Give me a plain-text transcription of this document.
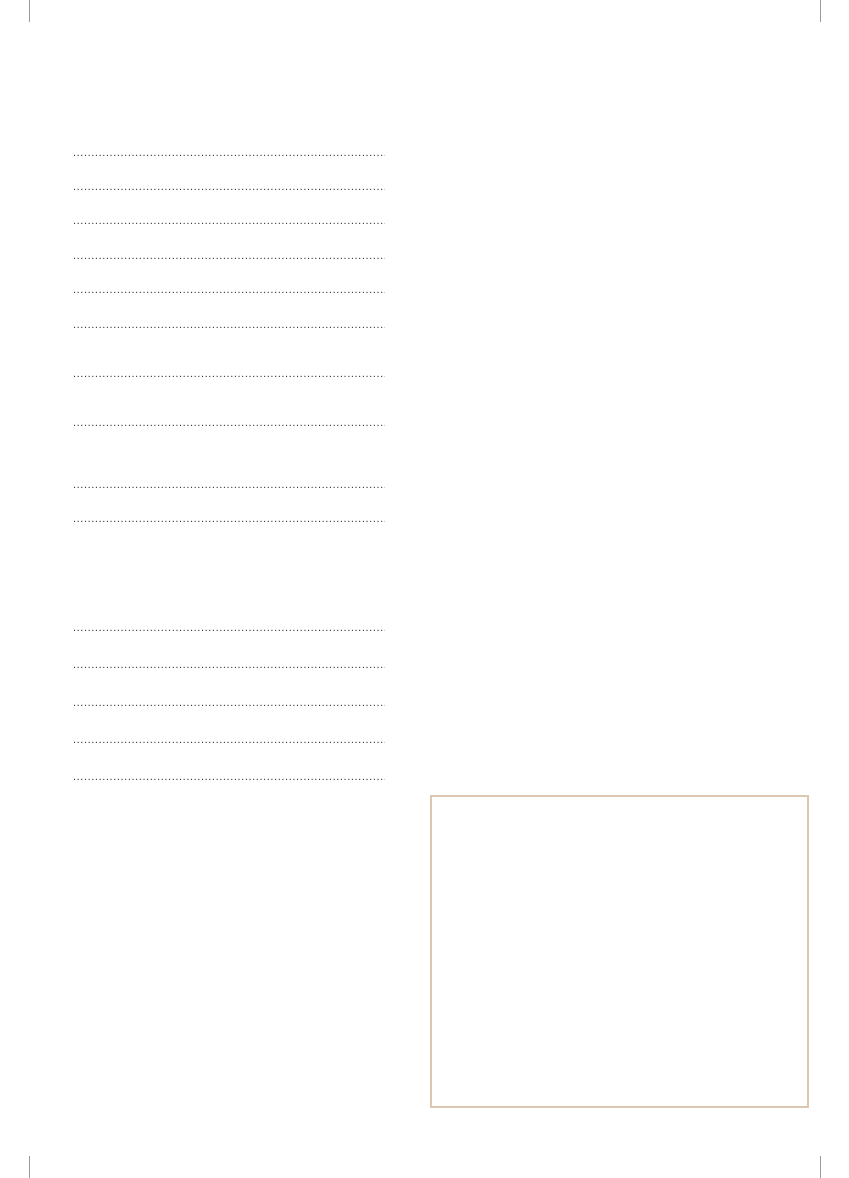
.....
.....
.....
.....
.....
.....
.....
.....
.....
.....
.....
.....
.....
.....
.....
